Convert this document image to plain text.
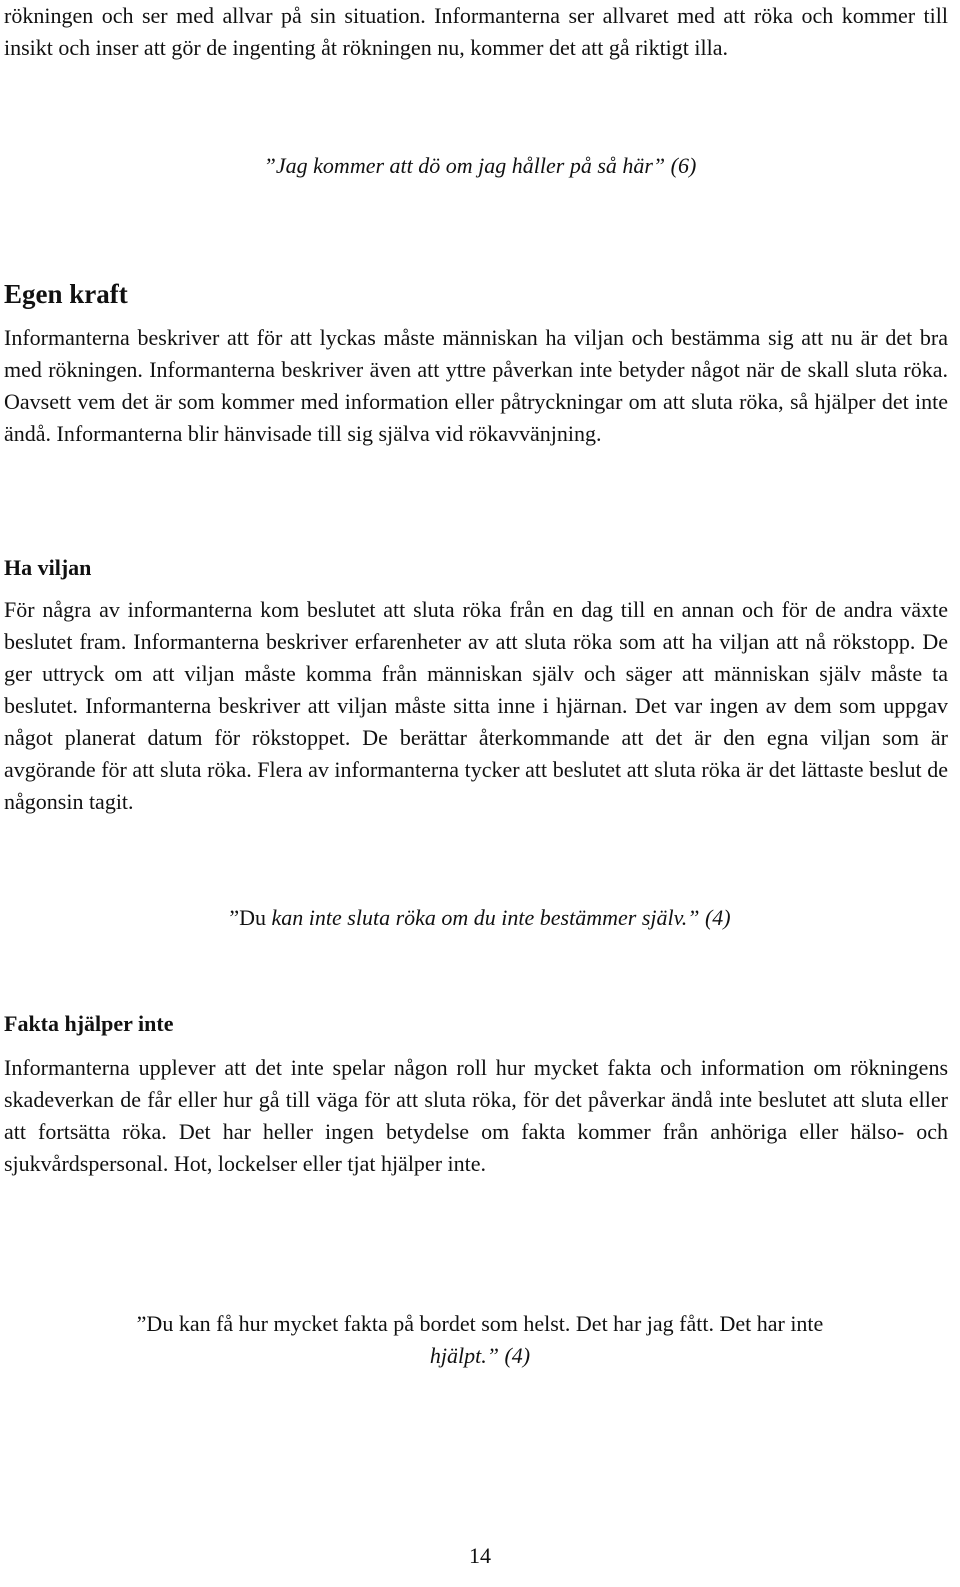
rökningen och ser med allvar på sin situation. Informanterna ser allvaret med att röka och kommer till insikt och inser att gör de ingenting åt rökningen nu, kommer det att gå riktigt illa.

”Jag kommer att dö om jag håller på så här” (6)

Egen kraft

Informanterna beskriver att för att lyckas måste människan ha viljan och bestämma sig att nu är det bra med rökningen. Informanterna beskriver även att yttre påverkan inte betyder något när de skall sluta röka. Oavsett vem det är som kommer med information eller påtryckningar om att sluta röka, så hjälper det inte ändå. Informanterna blir hänvisade till sig själva vid rökavvänjning.

Ha viljan

För några av informanterna kom beslutet att sluta röka från en dag till en annan och för de andra växte beslutet fram. Informanterna beskriver erfarenheter av att sluta röka som att ha viljan att nå rökstopp. De ger uttryck om att viljan måste komma från människan själv och säger att människan själv måste ta beslutet. Informanterna beskriver att viljan måste sitta inne i hjärnan. Det var ingen av dem som uppgav något planerat datum för rökstoppet. De berättar återkommande att det är den egna viljan som är avgörande för att sluta röka. Flera av informanterna tycker att beslutet att sluta röka är det lättaste beslut de någonsin tagit.

”Du kan inte sluta röka om du inte bestämmer själv.” (4)

Fakta hjälper inte

Informanterna upplever att det inte spelar någon roll hur mycket fakta och information om rökningens skadeverkan de får eller hur gå till väga för att sluta röka, för det påverkar ändå inte beslutet att sluta eller att fortsätta röka. Det har heller ingen betydelse om fakta kommer från anhöriga eller hälso- och sjukvårdspersonal. Hot, lockelser eller tjat hjälper inte.

”Du kan få hur mycket fakta på bordet som helst. Det har jag fått. Det har inte
hjälpt.” (4)

14
